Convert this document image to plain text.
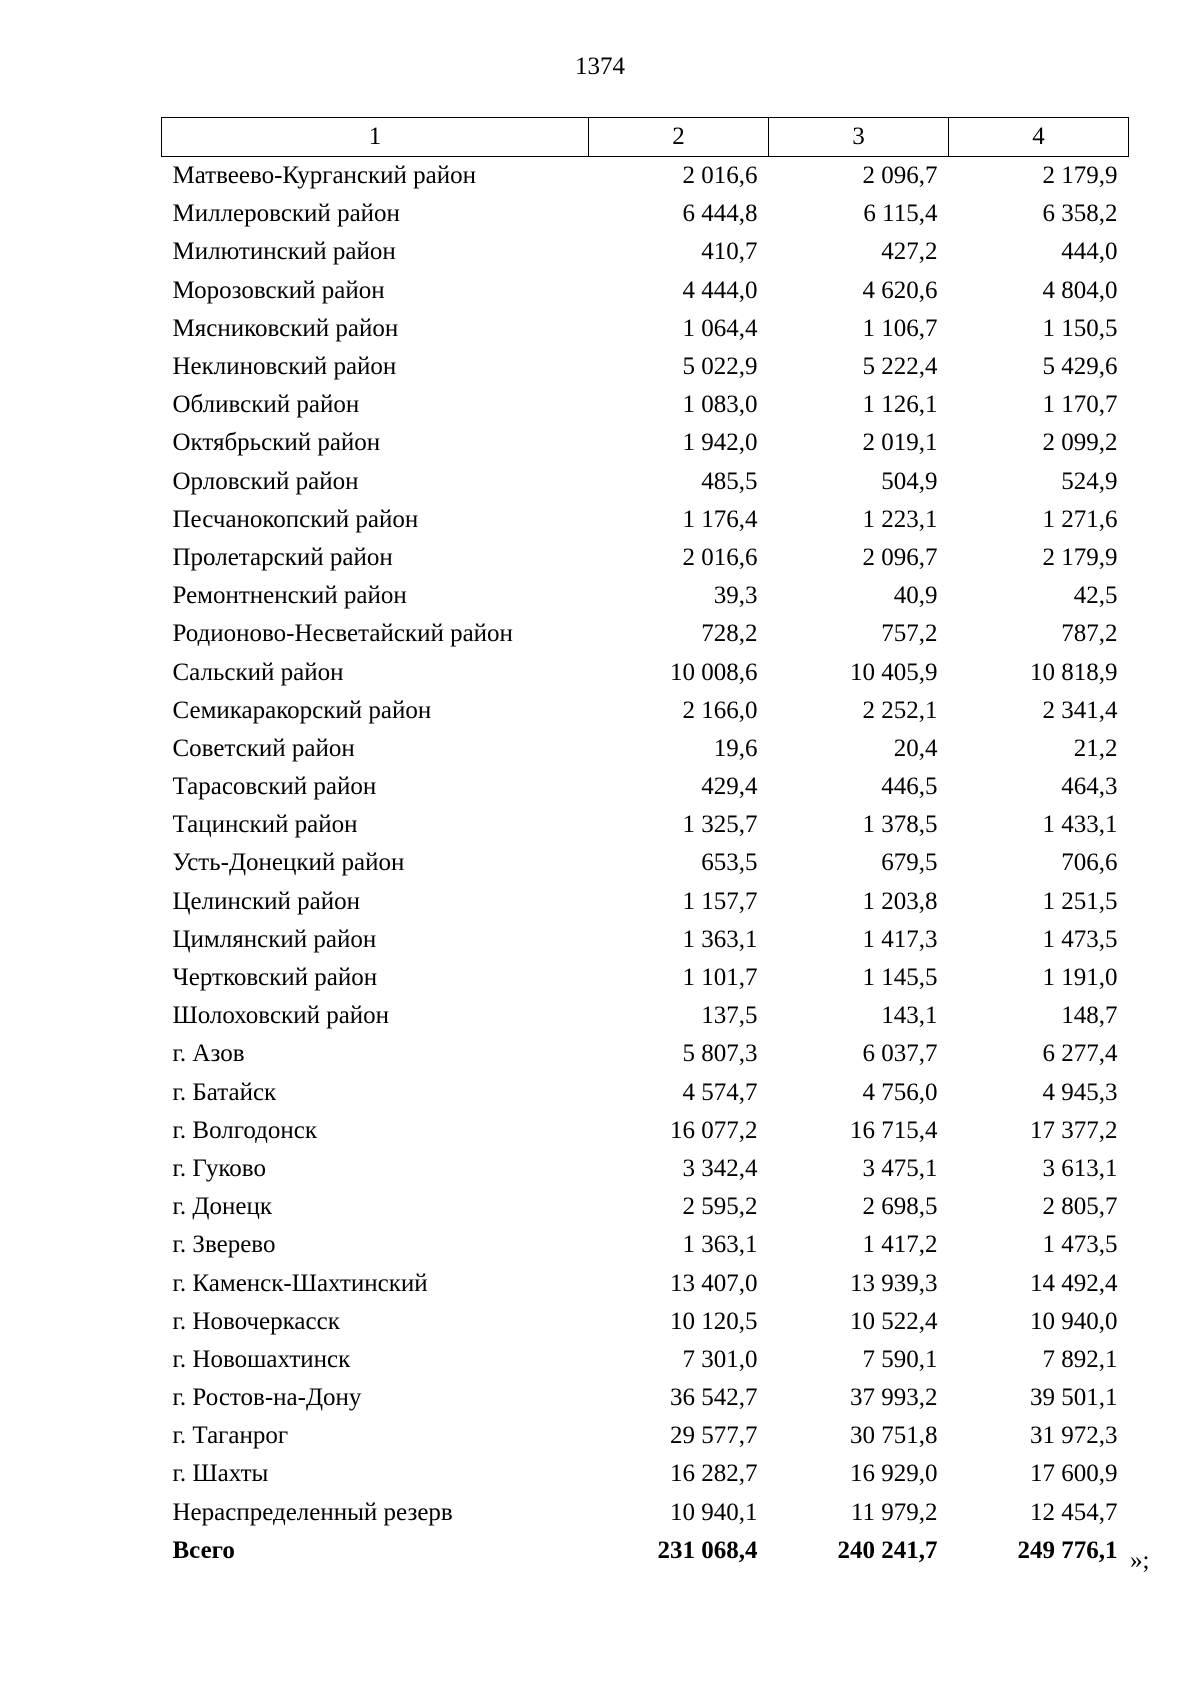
1374
1	2	3	4
Матвеево-Курганский район	2 016,6	2 096,7	2 179,9
Миллеровский район	6 444,8	6 115,4	6 358,2
Милютинский район	410,7	427,2	444,0
Морозовский район	4 444,0	4 620,6	4 804,0
Мясниковский район	1 064,4	1 106,7	1 150,5
Неклиновский район	5 022,9	5 222,4	5 429,6
Обливский район	1 083,0	1 126,1	1 170,7
Октябрьский район	1 942,0	2 019,1	2 099,2
Орловский район	485,5	504,9	524,9
Песчанокопский район	1 176,4	1 223,1	1 271,6
Пролетарский район	2 016,6	2 096,7	2 179,9
Ремонтненский район	39,3	40,9	42,5
Родионово-Несветайский район	728,2	757,2	787,2
Сальский район	10 008,6	10 405,9	10 818,9
Семикаракорский район	2 166,0	2 252,1	2 341,4
Советский район	19,6	20,4	21,2
Тарасовский район	429,4	446,5	464,3
Тацинский район	1 325,7	1 378,5	1 433,1
Усть-Донецкий район	653,5	679,5	706,6
Целинский район	1 157,7	1 203,8	1 251,5
Цимлянский район	1 363,1	1 417,3	1 473,5
Чертковский район	1 101,7	1 145,5	1 191,0
Шолоховский район	137,5	143,1	148,7
г. Азов	5 807,3	6 037,7	6 277,4
г. Батайск	4 574,7	4 756,0	4 945,3
г. Волгодонск	16 077,2	16 715,4	17 377,2
г. Гуково	3 342,4	3 475,1	3 613,1
г. Донецк	2 595,2	2 698,5	2 805,7
г. Зверево	1 363,1	1 417,2	1 473,5
г. Каменск-Шахтинский	13 407,0	13 939,3	14 492,4
г. Новочеркасск	10 120,5	10 522,4	10 940,0
г. Новошахтинск	7 301,0	7 590,1	7 892,1
г. Ростов-на-Дону	36 542,7	37 993,2	39 501,1
г. Таганрог	29 577,7	30 751,8	31 972,3
г. Шахты	16 282,7	16 929,0	17 600,9
Нераспределенный резерв	10 940,1	11 979,2	12 454,7
Всего	231 068,4	240 241,7	249 776,1 »;
